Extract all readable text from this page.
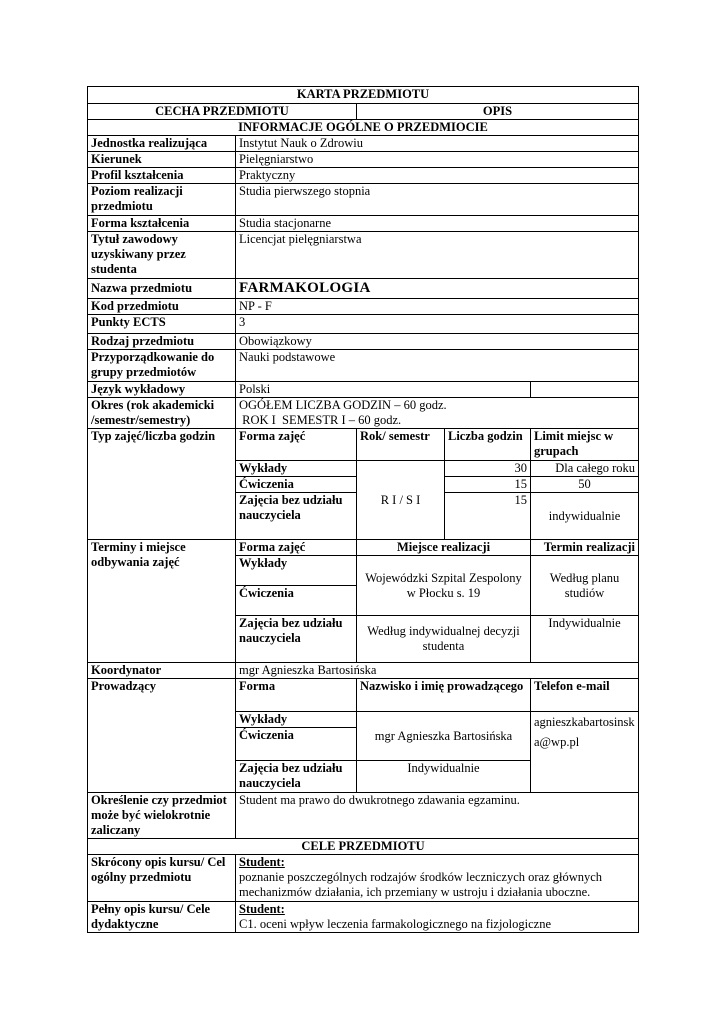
KARTA PRZEDMIOTU				
CECHA PRZEDMIOTU		OPIS		
INFORMACJE OGÓLNE O PRZEDMIOCIE				
Jednostka realizująca	Instytut Nauk o Zdrowiu			
Kierunek	Pielęgniarstwo			
Profil kształcenia	Praktyczny			
Poziom realizacji przedmiotu	Studia pierwszego stopnia			
Forma kształcenia	Studia stacjonarne			
Tytuł zawodowy uzyskiwany przez studenta	Licencjat pielęgniarstwa			
Nazwa przedmiotu	FARMAKOLOGIA			
Kod przedmiotu	NP - F			
Punkty ECTS	3			
Rodzaj przedmiotu	Obowiązkowy			
Przyporządkowanie do grupy przedmiotów	Nauki podstawowe			
Język wykładowy	Polski			
Okres (rok akademicki /semestr/semestry)	OGÓŁEM LICZBA GODZIN – 60 godz.
ROK I  SEMESTR I – 60 godz.			

Typ zajęć/liczba godzin	Forma zajęć	Rok/ semestr	Liczba godzin	Limit miejsc w grupach
	Wykłady	R I / S I	30	Dla całego roku
	Ćwiczenia		15	50
	Zajęcia bez udziału nauczyciela		15	indywidualnie
Terminy i miejsce odbywania zajęć	Forma zajęć	Miejsce realizacji		Termin realizacji
	Wykłady	Wojewódzki Szpital Zespolony w Płocku s. 19		Według planu studiów
	Ćwiczenia			
	Zajęcia bez udziału nauczyciela	Według indywidualnej decyzji studenta		Indywidualnie
Koordynator	mgr Agnieszka Bartosińska			
Prowadzący	Forma	Nazwisko i imię prowadzącego		Telefon e-mail
	Wykłady	mgr Agnieszka Bartosińska		agnieszkabartosinska@wp.pl
	Ćwiczenia			
	Zajęcia bez udziału nauczyciela	Indywidualnie		
Określenie czy przedmiot może być wielokrotnie zaliczany	Student ma prawo do dwukrotnego zdawania egzaminu.			
CELE PRZEDMIOTU				
Skrócony opis kursu/ Cel ogólny przedmiotu	Student:
poznanie poszczególnych rodzajów środków leczniczych oraz głównych mechanizmów działania, ich przemiany w ustroju i działania uboczne.			

Pełny opis kursu/ Cele dydaktyczne	Student:
C1. oceni wpływ leczenia farmakologicznego na fizjologiczne			
